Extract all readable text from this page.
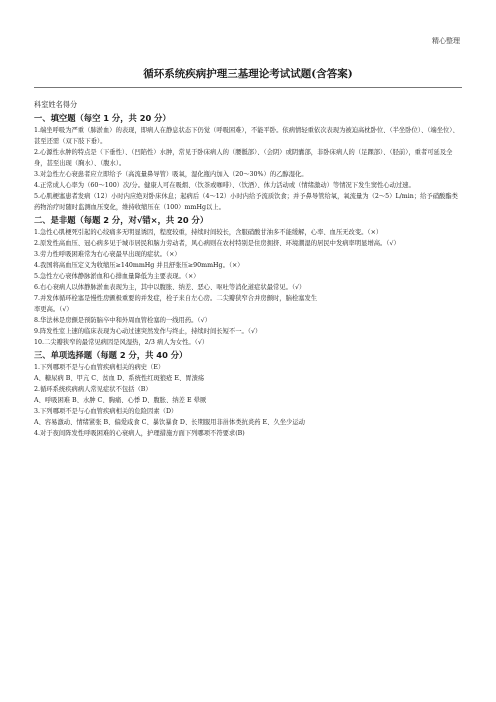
精心整理
循环系统疾病护理三基理论考试试题(含答案)

科室姓名得分

一、填空题（每空 1 分，共 20 分）

1.端坐呼吸为严重（肺淤血）的表现，即病人在静息状态下仍觉（呼吸困难），不能平卧。依病情轻重依次表现为被迫高枕卧位、（半坐卧位）、（端坐位）、甚至还需（双下肢下垂）。

2.心源性水肿的特点是（下垂性）、（凹陷性）水肿，常见于卧床病人的（腰骶部）、（会阴）或阴囊部，非卧床病人的（足踝部）、（胫前），重者可延及全身，甚至出现（胸水）、（腹水）。

3.对急性左心衰患者应立即给予（高流量鼻导管）吸氧，湿化瓶内加入（20～30%）的乙醇湿化。

4.正常成人心率为（60～100）次/分。健康人可在吸烟、（饮茶或咖啡）、（饮酒）、体力活动或（情绪激动）等情况下发生窦性心动过速。

5.心肌梗塞患者发病（12）小时内应绝对卧床休息；起病后（4～12）小时内给予流质饮食；并予鼻导管给氧，氧流量为（2～5）L/min；给予硝酸酯类药物治疗时随时监测血压变化，维持收缩压在（100）mmHg以上。

二、是非题（每题 2 分，对√错×，共 20 分）

1.急性心肌梗死引起的心绞痛多无明显诱因，程度较重，持续时间较长，含服硝酸甘油多不能缓解，心率、血压无改变。（×）

2.原发性高血压、冠心病多见于城市居民和脑力劳动者，风心病则在农村特别是住房拥挤、环境潮湿的居民中发病率明显增高。（√）

3.劳力性呼吸困难常为右心衰最早出现的症状。（×）

4.我国将高血压定义为收缩压≥140mmHg 并且舒张压≥90mmHg。（×）

5.急性左心衰体静脉淤血和心排血量降低为主要表现。（×）

6.右心衰病人以体静脉淤血表现为主，其中以腹胀、纳差、恶心、呕吐等消化道症状最常见。（√）

7.并发体循环栓塞是慢性房颤极重要的并发症，栓子来自左心房。二尖瓣狭窄合并房颤时，脑栓塞发生

率更高。（√）

8.华法林是房颤是预防脑卒中和外周血管栓塞的一线用药。（√）

9.阵发性室上速的临床表现为心动过速突然发作与终止，持续时间长短不一。（√）

10.二尖瓣狭窄的最常见病因是风湿热，2/3 病人为女性。（√）

三、单项选择题（每题 2 分，共 40 分）

1.下列哪项不是与心血管疾病相关的病史（E）

A、糖尿病 B、甲亢 C、贫血 D、系统性红斑狼疮 E、胃溃疡

2.循环系统疾病病人常见症状不包括（B）

A、呼吸困难 B、水肿 C、胸痛、心悸 D、腹胀、纳差 E 晕厥

3.下列哪项不是与心血管疾病相关的危险因素（D）

A、容易激动、情绪紧张 B、偏爱咸食 C、暴饮暴食 D、长期服用非甾体类抗炎药 E、久坐少运动

4.对于夜间阵发性呼吸困难的心衰病人，护理措施方面下列哪项不符要求(B)
